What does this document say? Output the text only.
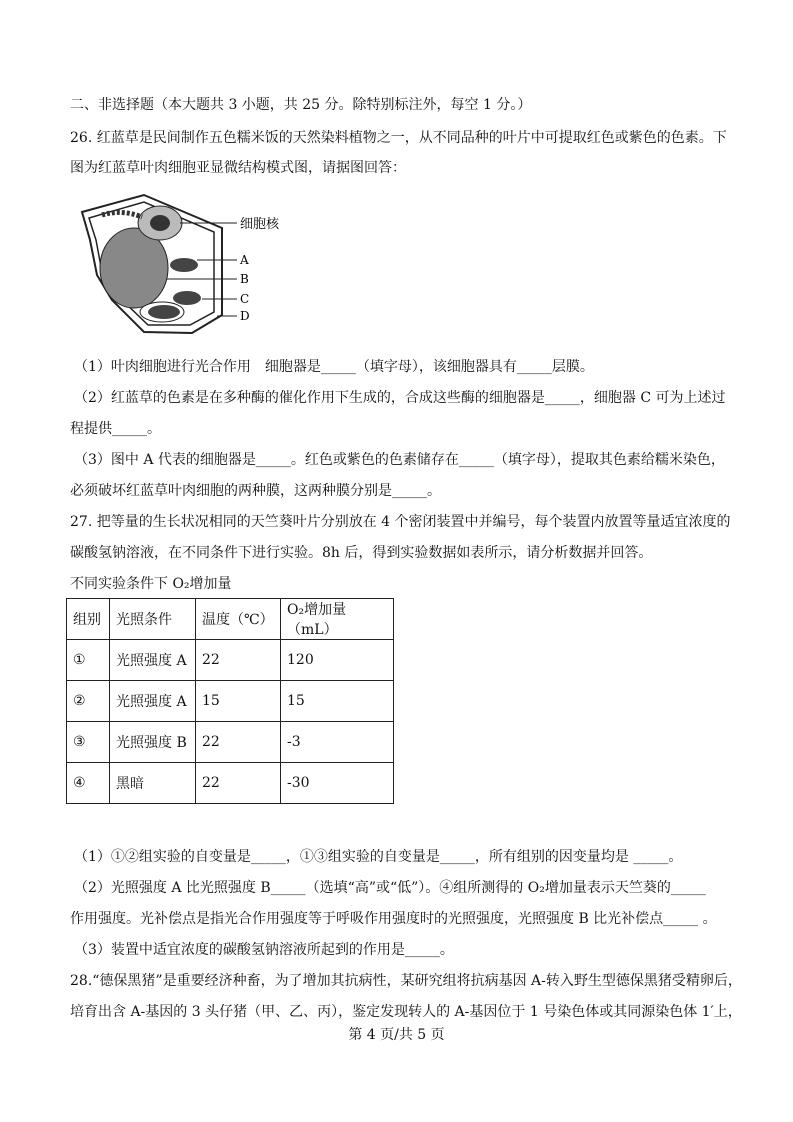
二、非选择题（本大题共 3 小题，共 25 分。除特别标注外，每空 1 分。）
26. 红蓝草是民间制作五色糯米饭的天然染料植物之一，从不同品种的叶片中可提取红色或紫色的色素。下
图为红蓝草叶肉细胞亚显微结构模式图，请据图回答：
细胞核
A
B
C
D
（1）叶肉细胞进行光合作用　细胞器是_____（填字母），该细胞器具有_____层膜。
（2）红蓝草的色素是在多种酶的催化作用下生成的，合成这些酶的细胞器是_____，细胞器 C 可为上述过
程提供_____。
（3）图中 A 代表的细胞器是_____。红色或紫色的色素储存在_____（填字母），提取其色素给糯米染色，
必须破坏红蓝草叶肉细胞的两种膜，这两种膜分别是_____。
27. 把等量的生长状况相同的天竺葵叶片分别放在 4 个密闭装置中并编号，每个装置内放置等量适宜浓度的
碳酸氢钠溶液，在不同条件下进行实验。8h 后，得到实验数据如表所示，请分析数据并回答。
不同实验条件下 O₂增加量
组别	光照条件	温度（℃）	O₂增加量（mL）
①	光照强度 A	22	120
②	光照强度 A	15	15
③	光照强度 B	22	-3
④	黑暗	22	-30
（1）①②组实验的自变量是_____，①③组实验的自变量是_____，所有组别的因变量均是 _____。
（2）光照强度 A 比光照强度 B_____（选填“高”或“低”）。④组所测得的 O₂增加量表示天竺葵的_____
作用强度。光补偿点是指光合作用强度等于呼吸作用强度时的光照强度，光照强度 B 比光补偿点_____ 。
（3）装置中适宜浓度的碳酸氢钠溶液所起到的作用是_____。
28.“德保黑猪”是重要经济种畜，为了增加其抗病性，某研究组将抗病基因 A-转入野生型德保黑猪受精卵后，
培育出含 A-基因的 3 头仔猪（甲、乙、丙），鉴定发现转人的 A-基因位于 1 号染色体或其同源染色体 1′上，
第 4 页/共 5 页
